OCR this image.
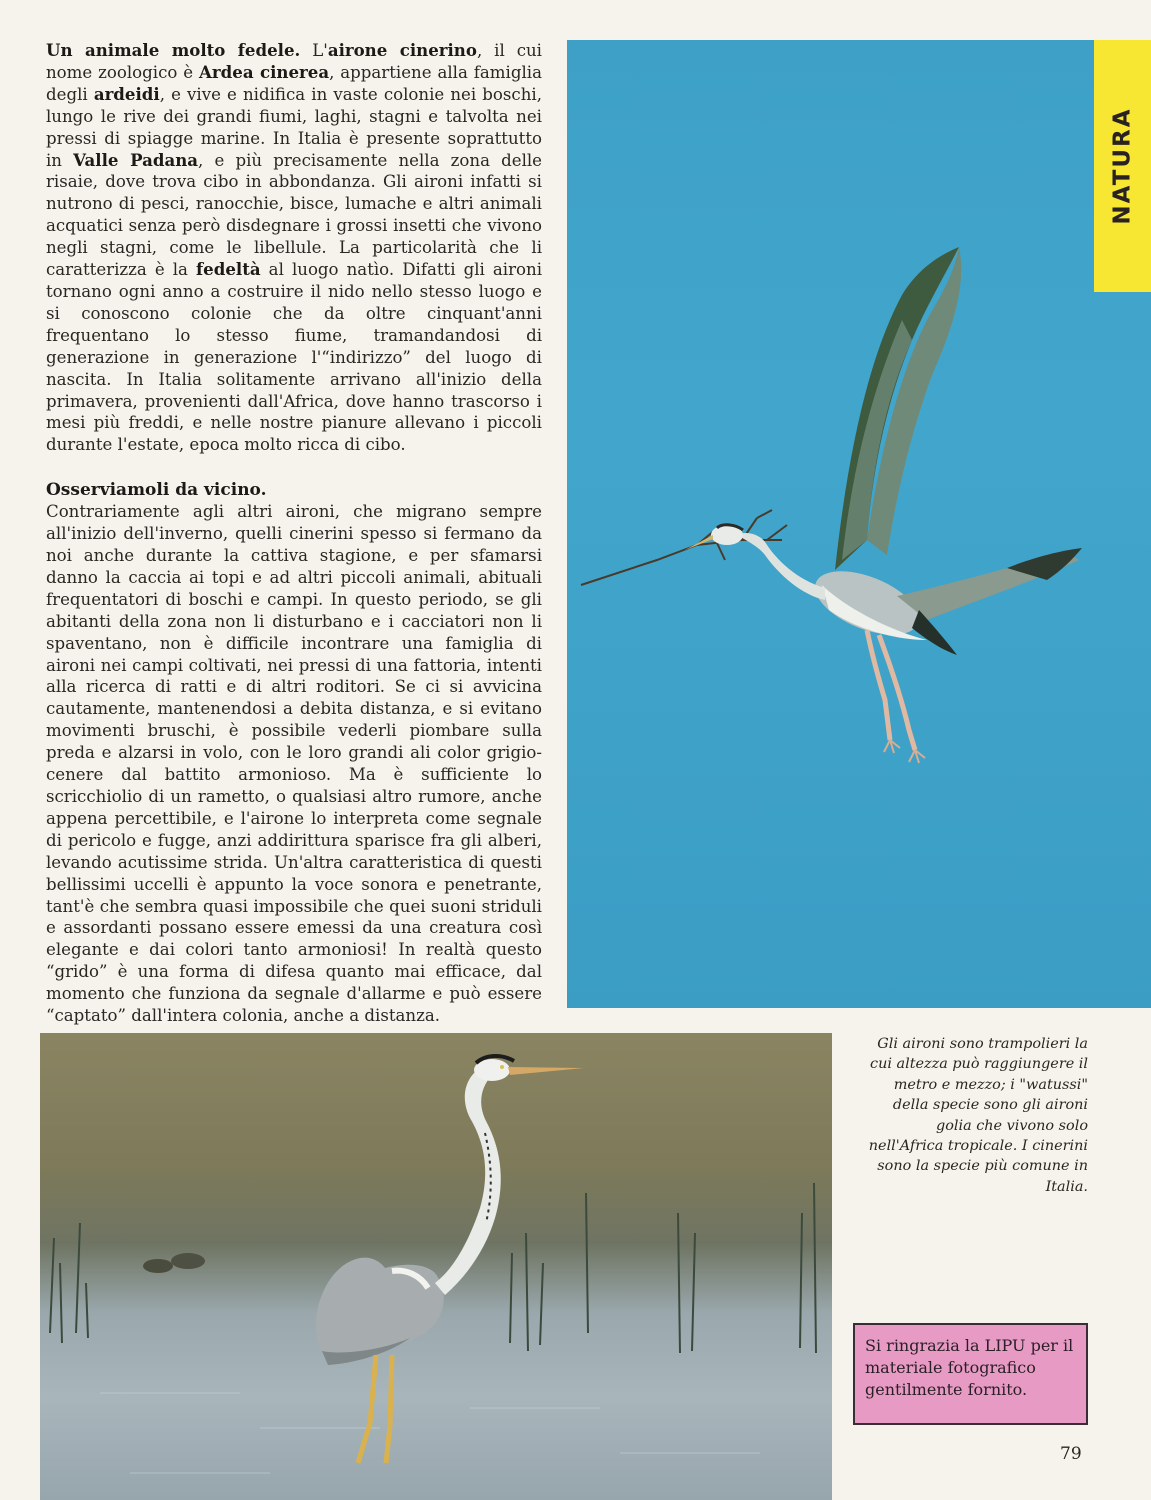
Un animale molto fedele. L'airone cinerino, il cui nome zoologico è Ardea cinerea, appartiene alla famiglia degli ardeidi, e vive e nidifica in vaste colonie nei boschi, lungo le rive dei grandi fiumi, laghi, stagni e talvolta nei pressi di spiagge marine. In Italia è presente soprattutto in Valle Padana, e più precisamente nella zona delle risaie, dove trova cibo in abbondanza. Gli aironi infatti si nutrono di pesci, ranocchie, bisce, lumache e altri animali acquatici senza però disdegnare i grossi insetti che vivono negli stagni, come le libellule. La particolarità che li caratterizza è la fedeltà al luogo natìo. Difatti gli aironi tornano ogni anno a costruire il nido nello stesso luogo e si conoscono colonie che da oltre cinquant'anni frequentano lo stesso fiume, tramandandosi di generazione in generazione l'“indirizzo” del luogo di nascita. In Italia solitamente arrivano all'inizio della primavera, provenienti dall'Africa, dove hanno trascorso i mesi più freddi, e nelle nostre pianure allevano i piccoli durante l'estate, epoca molto ricca di cibo.

Osserviamoli da vicino.

Contrariamente agli altri aironi, che migrano sempre all'inizio dell'inverno, quelli cinerini spesso si fermano da noi anche durante la cattiva stagione, e per sfamarsi danno la caccia ai topi e ad altri piccoli animali, abituali frequentatori di boschi e campi. In questo periodo, se gli abitanti della zona non li disturbano e i cacciatori non li spaventano, non è difficile incontrare una famiglia di aironi nei campi coltivati, nei pressi di una fattoria, intenti alla ricerca di ratti e di altri roditori. Se ci si avvicina cautamente, mantenendosi a debita distanza, e si evitano movimenti bruschi, è possibile vederli piombare sulla preda e alzarsi in volo, con le loro grandi ali color grigio-cenere dal battito armonioso. Ma è sufficiente lo scricchiolio di un rametto, o qualsiasi altro rumore, anche appena percettibile, e l'airone lo interpreta come segnale di pericolo e fugge, anzi addirittura sparisce fra gli alberi, levando acutissime strida. Un'altra caratteristica di questi bellissimi uccelli è appunto la voce sonora e penetrante, tant'è che sembra quasi impossibile che quei suoni striduli e assordanti possano essere emessi da una creatura così elegante e dai colori tanto armoniosi! In realtà questo “grido” è una forma di difesa quanto mai efficace, dal momento che funziona da segnale d'allarme e può essere “captato” dall'intera colonia, anche a distanza.

NATURA
Gli aironi sono trampolieri la cui altezza può raggiungere il metro e mezzo; i "watussi" della specie sono gli aironi golia che vivono solo nell'Africa tropicale. I cinerini sono la specie più comune in Italia.
Si ringrazia la LIPU per il materiale fotografico gentilmente fornito.
79
